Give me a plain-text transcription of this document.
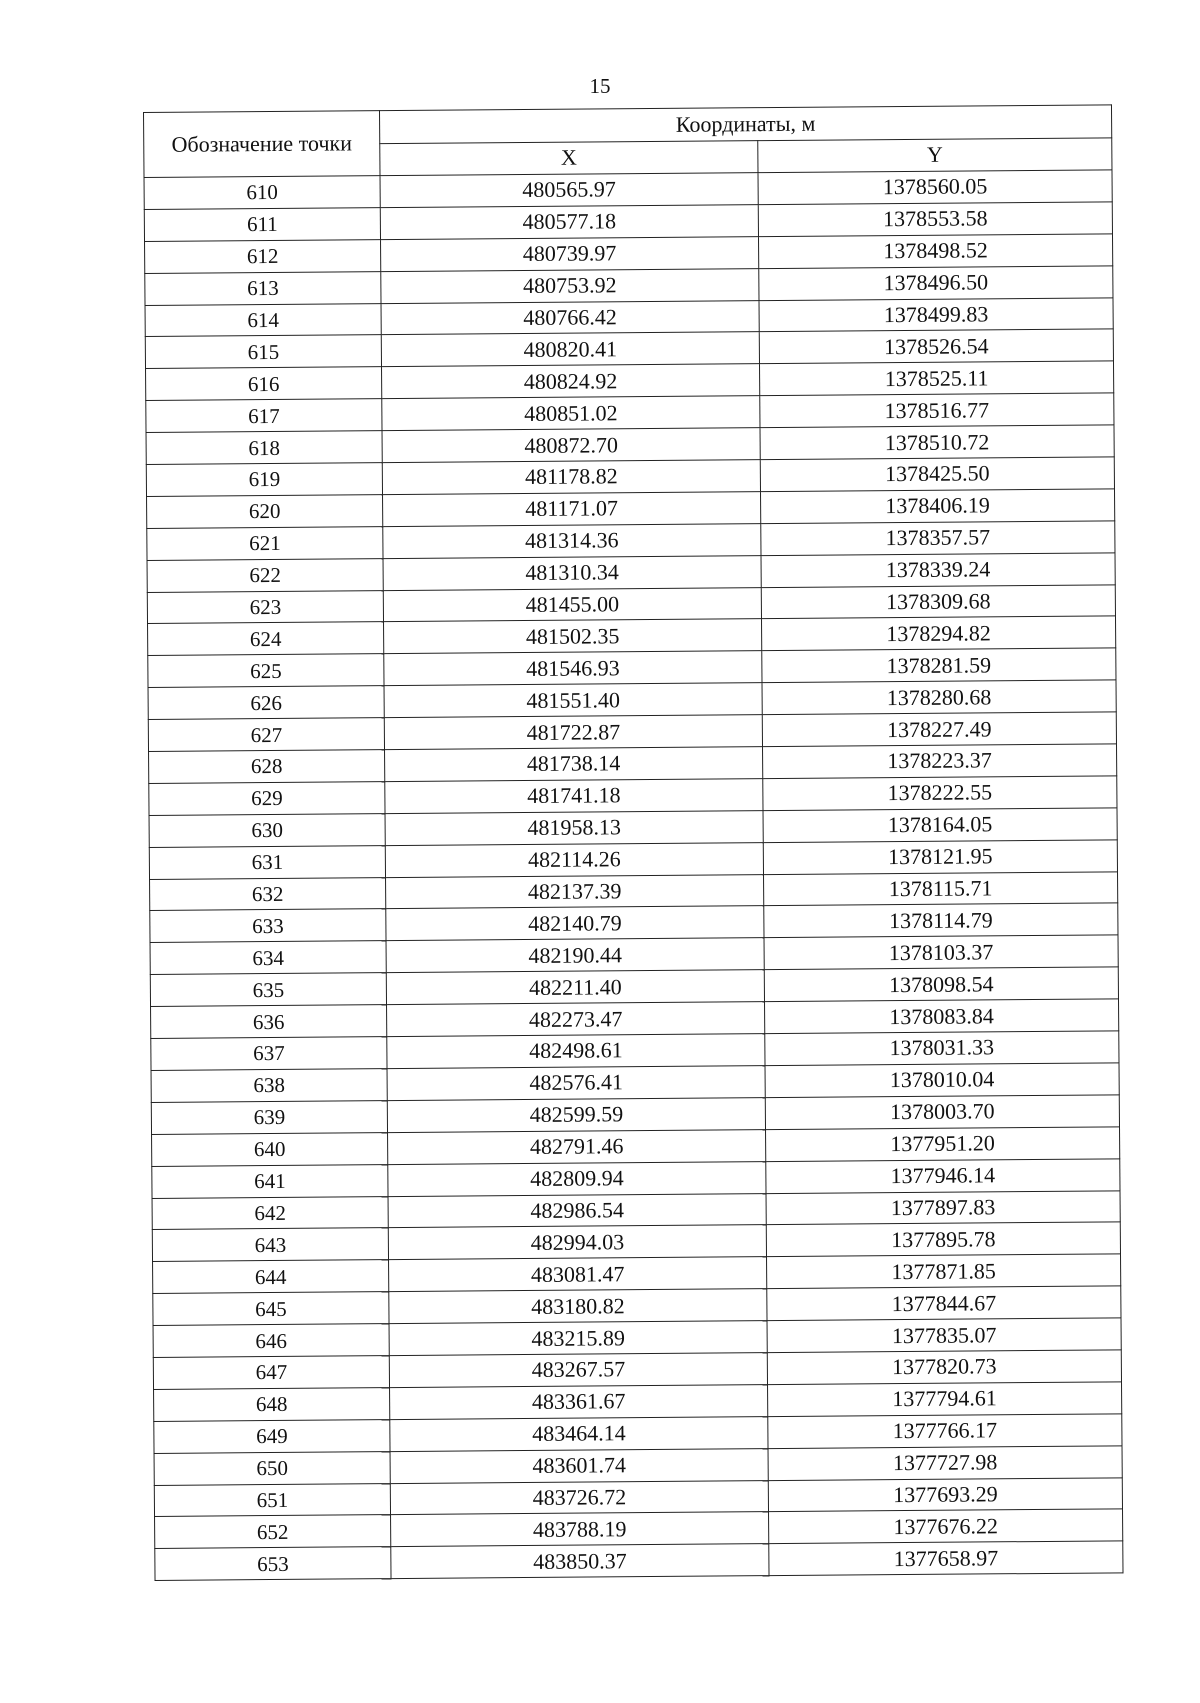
15
Обозначение точки	Координаты, м	
	X	Y
610	480565.97	1378560.05
611	480577.18	1378553.58
612	480739.97	1378498.52
613	480753.92	1378496.50
614	480766.42	1378499.83
615	480820.41	1378526.54
616	480824.92	1378525.11
617	480851.02	1378516.77
618	480872.70	1378510.72
619	481178.82	1378425.50
620	481171.07	1378406.19
621	481314.36	1378357.57
622	481310.34	1378339.24
623	481455.00	1378309.68
624	481502.35	1378294.82
625	481546.93	1378281.59
626	481551.40	1378280.68
627	481722.87	1378227.49
628	481738.14	1378223.37
629	481741.18	1378222.55
630	481958.13	1378164.05
631	482114.26	1378121.95
632	482137.39	1378115.71
633	482140.79	1378114.79
634	482190.44	1378103.37
635	482211.40	1378098.54
636	482273.47	1378083.84
637	482498.61	1378031.33
638	482576.41	1378010.04
639	482599.59	1378003.70
640	482791.46	1377951.20
641	482809.94	1377946.14
642	482986.54	1377897.83
643	482994.03	1377895.78
644	483081.47	1377871.85
645	483180.82	1377844.67
646	483215.89	1377835.07
647	483267.57	1377820.73
648	483361.67	1377794.61
649	483464.14	1377766.17
650	483601.74	1377727.98
651	483726.72	1377693.29
652	483788.19	1377676.22
653	483850.37	1377658.97
